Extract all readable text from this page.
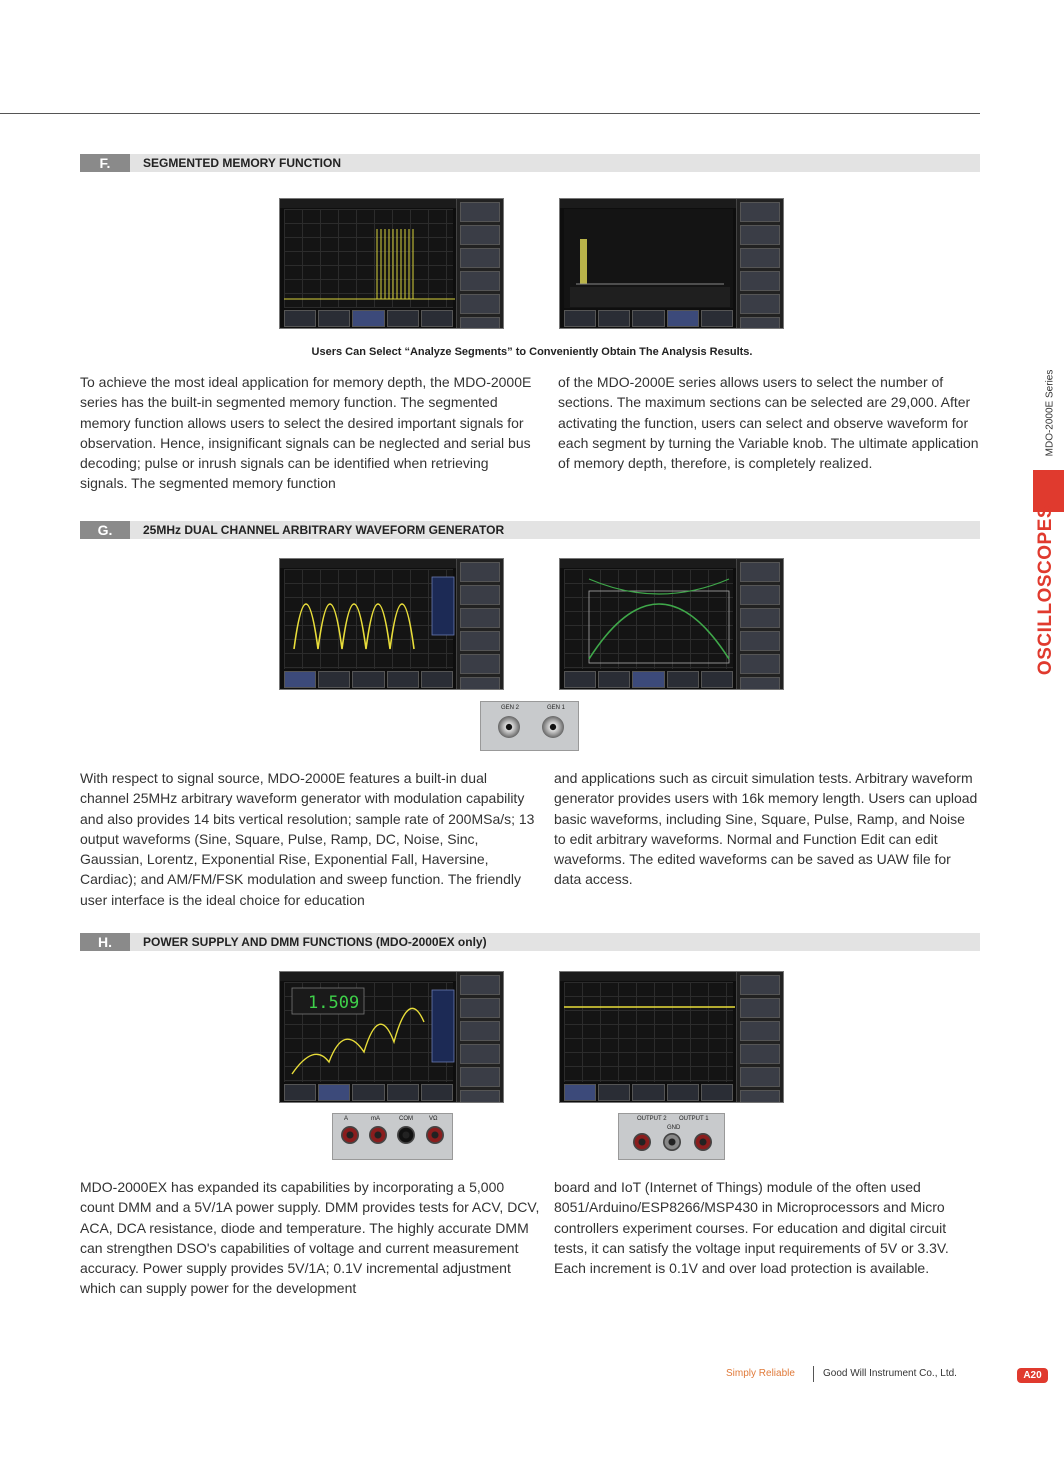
F.	SEGMENTED MEMORY FUNCTION
Users Can Select “Analyze Segments” to Conveniently Obtain The Analysis Results.

To achieve the most ideal application for memory depth, the MDO-2000E series has the built-in segmented memory function. The segmented memory function allows users to select the desired important signals for observation. Hence, insignificant signals can be neglected and serial bus decoding; pulse or inrush signals can be identified when retrieving signals. The segmented memory function

of the MDO-2000E series allows users to select the number of sections. The maximum sections can be selected are 29,000. After activating the function, users can select and observe waveform for each segment by turning the Variable knob. The ultimate application of memory depth, therefore, is completely realized.

G.	25MHz DUAL CHANNEL ARBITRARY WAVEFORM GENERATOR
GEN 2	GEN 1

With respect to signal source, MDO-2000E features a built-in dual channel 25MHz arbitrary waveform generator with modulation capability and also provides 14 bits vertical resolution; sample rate of 200MSa/s; 13 output waveforms (Sine, Square, Pulse, Ramp, DC, Noise, Sinc, Gaussian, Lorentz, Exponential Rise, Exponential Fall, Haversine, Cardiac); and AM/FM/FSK modulation and sweep function. The friendly user interface is the ideal choice for education

and applications such as circuit simulation tests. Arbitrary waveform generator provides users with 16k memory length. Users can upload basic waveforms, including Sine, Square, Pulse, Ramp, and Noise to edit arbitrary waveforms. Normal and Function Edit can edit waveforms. The edited waveforms can be saved as UAW file for data access.

H.	POWER SUPPLY AND DMM FUNCTIONS (MDO-2000EX only)
1.509
A	mA	COM	VΩ	OUTPUT 2 OUTPUT 1
GND

MDO-2000EX has expanded its capabilities by incorporating a 5,000 count DMM and a 5V/1A power supply. DMM provides tests for ACV, DCV, ACA, DCA resistance, diode and temperature. The highly accurate DMM can strengthen DSO's capabilities of voltage and current measurement accuracy. Power supply provides 5V/1A; 0.1V incremental adjustment which can supply power for the development

board and IoT (Internet of Things) module of the often used 8051/Arduino/ESP8266/MSP430 in Microprocessors and Micro controllers experiment courses. For education and digital circuit tests, it can satisfy the voltage input requirements of 5V or 3.3V. Each increment is 0.1V and over load protection is available.

MDO-2000E Series
OSCILLOSCOPES
Simply Reliable	Good Will Instrument Co., Ltd.	A20
